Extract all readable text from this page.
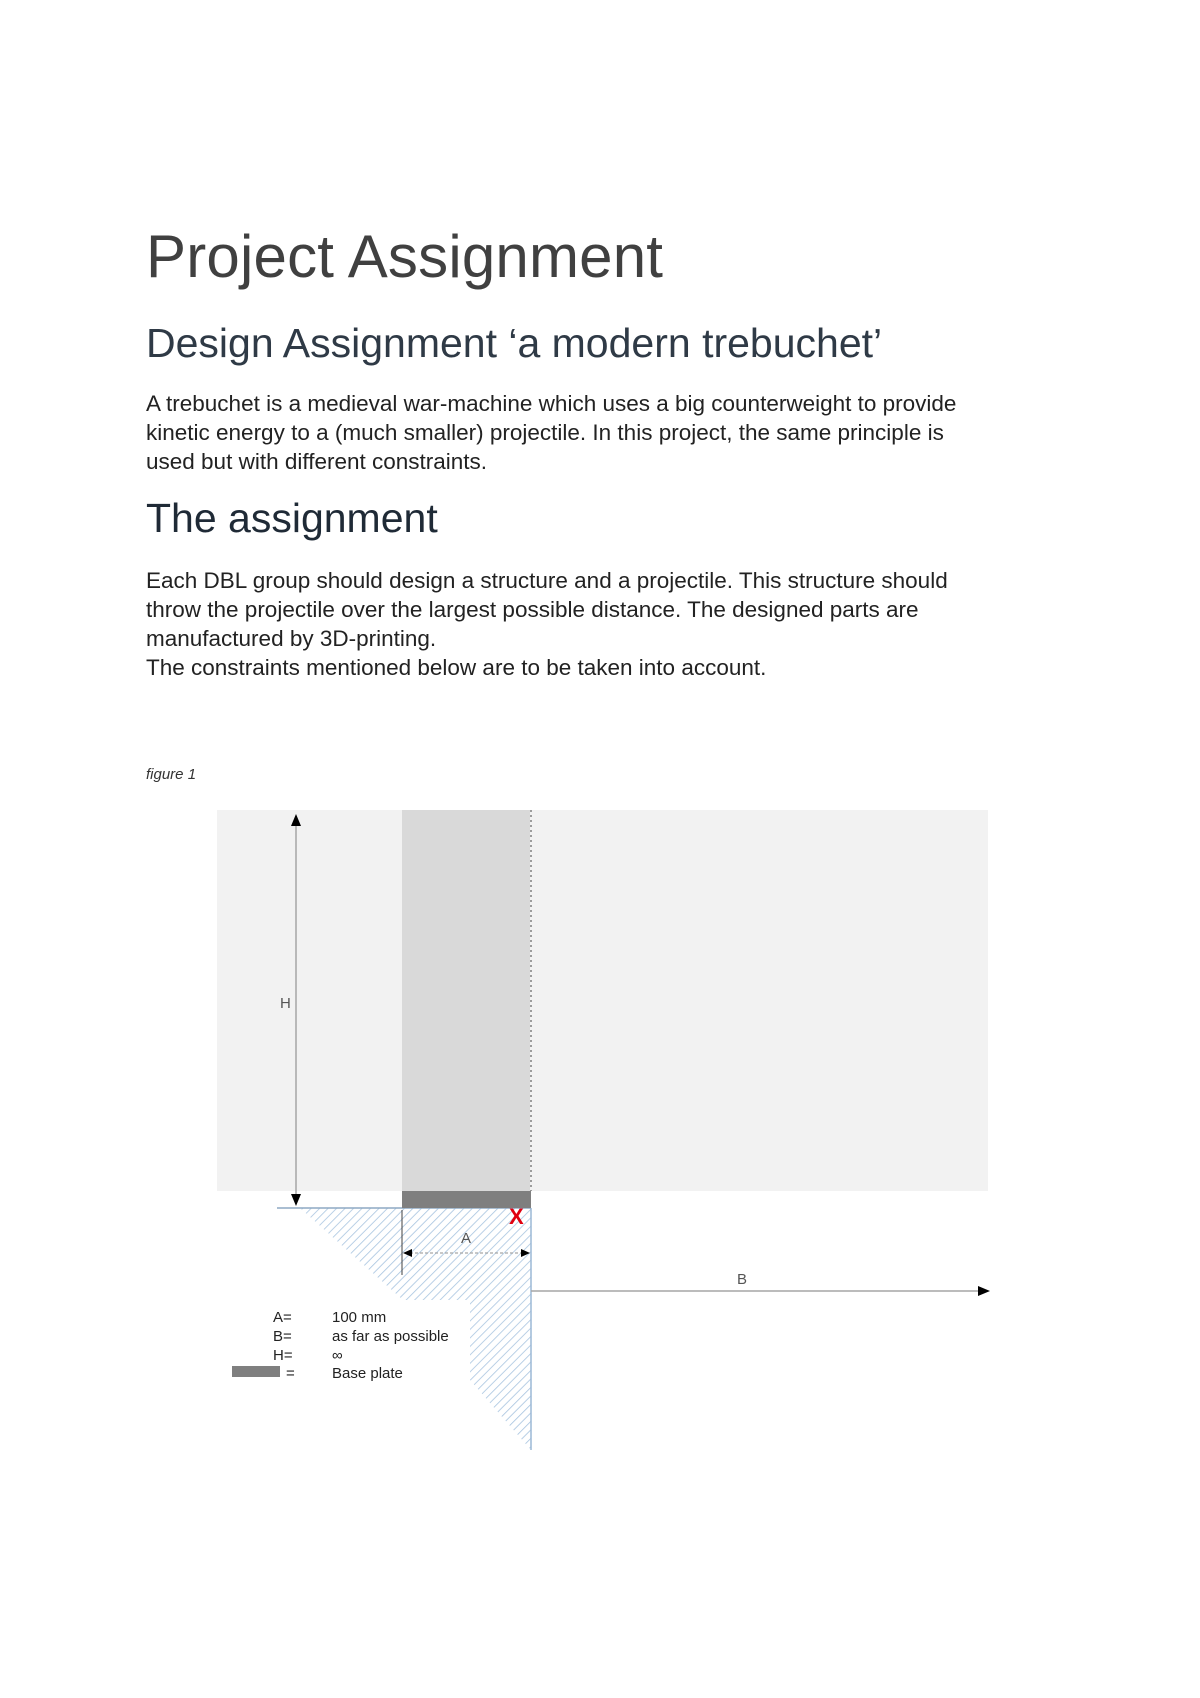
Project Assignment
Design Assignment ‘a modern trebuchet’

A trebuchet is a medieval war-machine which uses a big counterweight to provide
kinetic energy to a (much smaller) projectile. In this project, the same principle is
used but with different constraints.

The assignment

Each DBL group should design a structure and a projectile. This structure should
throw the projectile over the largest possible distance. The designed parts are
manufactured by 3D-printing.
The constraints mentioned below are to be taken into account.

figure 1
H
A
X
B
A=	100 mm
B=	as far as possible
H=	∞
= Base plate
